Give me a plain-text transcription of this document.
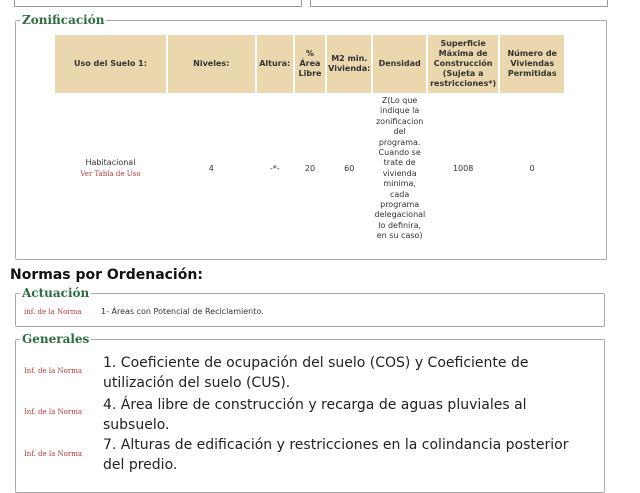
Zonificación
Uso del Suelo 1:	Niveles:	Altura:	% Área Libre	M2 min. Vivienda:	Densidad	Superficie Máxima de Construcción (Sujeta a restricciones*)	Número de Viviendas Permitidas
Habitacional
Ver Tabla de Uso	4	-*-	20	60	Z(Lo que indique la zonificacion del programa. Cuando se trate de vivienda minima, cada programa delegacional lo definira, en su caso)	1008	0
Normas por Ordenación:
Actuación
inf. de la Norma 1- Áreas con Potencial de Reciclamiento.
Generales
Inf. de la Norma 1. Coeficiente de ocupación del suelo (COS) y Coeficiente de utilización del suelo (CUS).
Inf. de la Norma 4. Área libre de construcción y recarga de aguas pluviales al subsuelo.
Inf. de la Norma
7. Alturas de edificación y restricciones en la colindancia posterior del predio.
